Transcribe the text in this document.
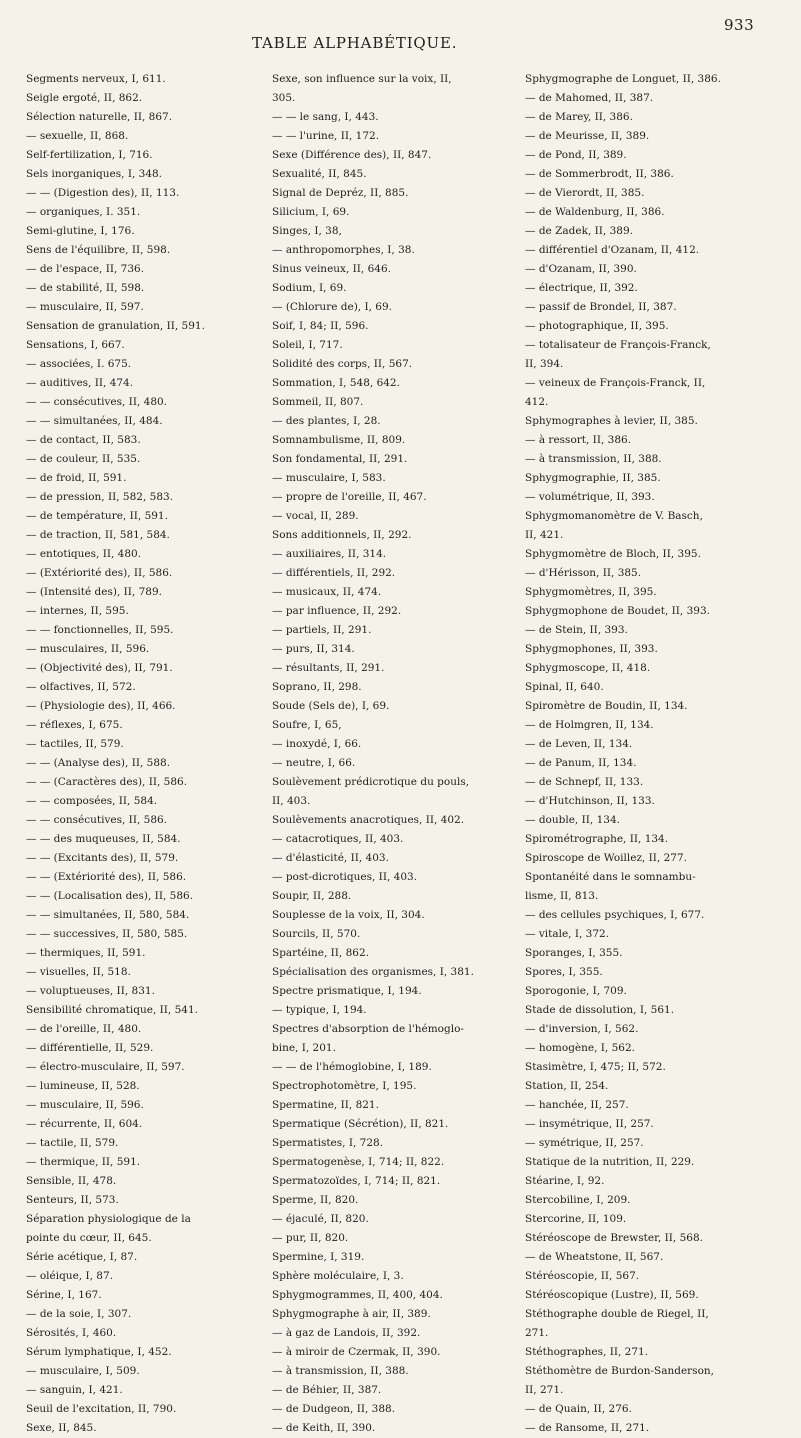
TABLE ALPHABÉTIQUE.
933
Segments nerveux, I, 611.
Seigle ergoté, II, 862.
Sélection naturelle, II, 867.
— sexuelle, II, 868.
Self-fertilization, I, 716.
Sels inorganiques, I, 348.
— — (Digestion des), II, 113.
— organiques, I. 351.
Semi-glutine, I, 176.
Sens de l'équilibre, II, 598.
— de l'espace, II, 736.
— de stabilité, II, 598.
— musculaire, II, 597.
Sensation de granulation, II, 591.
Sensations, I, 667.
— associées, I. 675.
— auditives, II, 474.
— — consécutives, II, 480.
— — simultanées, II, 484.
— de contact, II, 583.
— de couleur, II, 535.
— de froid, II, 591.
— de pression, II, 582, 583.
— de température, II, 591.
— de traction, II, 581, 584.
— entotiques, II, 480.
— (Extériorité des), II, 586.
— (Intensité des), II, 789.
— internes, II, 595.
— — fonctionnelles, II, 595.
— musculaires, II, 596.
— (Objectivité des), II, 791.
— olfactives, II, 572.
— (Physiologie des), II, 466.
— réflexes, I, 675.
— tactiles, II, 579.
— — (Analyse des), II, 588.
— — (Caractères des), II, 586.
— — composées, II, 584.
— — consécutives, II, 586.
— — des muqueuses, II, 584.
— — (Excitants des), II, 579.
— — (Extériorité des), II, 586.
— — (Localisation des), II, 586.
— — simultanées, II, 580, 584.
— — successives, II, 580, 585.
— thermiques, II, 591.
— visuelles, II, 518.
— voluptueuses, II, 831.
Sensibilité chromatique, II, 541.
— de l'oreille, II, 480.
— différentielle, II, 529.
— électro-musculaire, II, 597.
— lumineuse, II, 528.
— musculaire, II, 596.
— récurrente, II, 604.
— tactile, II, 579.
— thermique, II, 591.
Sensible, II, 478.
Senteurs, II, 573.
Séparation physiologique de la
pointe du cœur, II, 645.
Série acétique, I, 87.
— oléique, I, 87.
Sérine, I, 167.
— de la soie, I, 307.
Sérosités, I, 460.
Sérum lymphatique, I, 452.
— musculaire, I, 509.
— sanguin, I, 421.
Seuil de l'excitation, II, 790.
Sexe, II, 845.
Sexe, son influence sur la voix, II,
305.
— — le sang, I, 443.
— — l'urine, II, 172.
Sexe (Différence des), II, 847.
Sexualité, II, 845.
Signal de Depréz, II, 885.
Silicium, I, 69.
Singes, I, 38,
— anthropomorphes, I, 38.
Sinus veineux, II, 646.
Sodium, I, 69.
— (Chlorure de), I, 69.
Soif, I, 84; II, 596.
Soleil, I, 717.
Solidité des corps, II, 567.
Sommation, I, 548, 642.
Sommeil, II, 807.
— des plantes, I, 28.
Somnambulisme, II, 809.
Son fondamental, II, 291.
— musculaire, I, 583.
— propre de l'oreille, II, 467.
— vocal, II, 289.
Sons additionnels, II, 292.
— auxiliaires, II, 314.
— différentiels, II, 292.
— musicaux, II, 474.
— par influence, II, 292.
— partiels, II, 291.
— purs, II, 314.
— résultants, II, 291.
Soprano, II, 298.
Soude (Sels de), I, 69.
Soufre, I, 65,
— inoxydé, I, 66.
— neutre, I, 66.
Soulèvement prédicrotique du pouls,
II, 403.
Soulèvements anacrotiques, II, 402.
— catacrotiques, II, 403.
— d'élasticité, II, 403.
— post-dicrotiques, II, 403.
Soupir, II, 288.
Souplesse de la voix, II, 304.
Sourcils, II, 570.
Spartéine, II, 862.
Spécialisation des organismes, I, 381.
Spectre prismatique, I, 194.
— typique, I, 194.
Spectres d'absorption de l'hémoglo-
bine, I, 201.
— — de l'hémoglobine, I, 189.
Spectrophotomètre, I, 195.
Spermatine, II, 821.
Spermatique (Sécrétion), II, 821.
Spermatistes, I, 728.
Spermatogenèse, I, 714; II, 822.
Spermatozoïdes, I, 714; II, 821.
Sperme, II, 820.
— éjaculé, II, 820.
— pur, II, 820.
Spermine, I, 319.
Sphère moléculaire, I, 3.
Sphygmogrammes, II, 400, 404.
Sphygmographe à air, II, 389.
— à gaz de Landois, II, 392.
— à miroir de Czermak, II, 390.
— à transmission, II, 388.
— de Béhier, II, 387.
— de Dudgeon, II, 388.
— de Keith, II, 390.
Sphygmographe de Longuet, II, 386.
— de Mahomed, II, 387.
— de Marey, II, 386.
— de Meurisse, II, 389.
— de Pond, II, 389.
— de Sommerbrodt, II, 386.
— de Vierordt, II, 385.
— de Waldenburg, II, 386.
— de Zadek, II, 389.
— différentiel d'Ozanam, II, 412.
— d'Ozanam, II, 390.
— électrique, II, 392.
— passif de Brondel, II, 387.
— photographique, II, 395.
— totalisateur de François-Franck,
II, 394.
— veineux de François-Franck, II,
412.
Sphymographes à levier, II, 385.
— à ressort, II, 386.
— à transmission, II, 388.
Sphygmographie, II, 385.
— volumétrique, II, 393.
Sphygmomanomètre de V. Basch,
II, 421.
Sphygmomètre de Bloch, II, 395.
— d'Hérisson, II, 385.
Sphygmomètres, II, 395.
Sphygmophone de Boudet, II, 393.
— de Stein, II, 393.
Sphygmophones, II, 393.
Sphygmoscope, II, 418.
Spinal, II, 640.
Spiromètre de Boudin, II, 134.
— de Holmgren, II, 134.
— de Leven, II, 134.
— de Panum, II, 134.
— de Schnepf, II, 133.
— d'Hutchinson, II, 133.
— double, II, 134.
Spirométrographe, II, 134.
Spiroscope de Woillez, II, 277.
Spontanéité dans le somnambu-
lisme, II, 813.
— des cellules psychiques, I, 677.
— vitale, I, 372.
Sporanges, I, 355.
Spores, I, 355.
Sporogonie, I, 709.
Stade de dissolution, I, 561.
— d'inversion, I, 562.
— homogène, I, 562.
Stasimètre, I, 475; II, 572.
Station, II, 254.
— hanchée, II, 257.
— insymétrique, II, 257.
— symétrique, II, 257.
Statique de la nutrition, II, 229.
Stéarine, I, 92.
Stercobiline, I, 209.
Stercorine, II, 109.
Stéréoscope de Brewster, II, 568.
— de Wheatstone, II, 567.
Stéréoscopie, II, 567.
Stéréoscopique (Lustre), II, 569.
Stéthographe double de Riegel, II,
271.
Stéthographes, II, 271.
Stéthomètre de Burdon-Sanderson,
II, 271.
— de Quain, II, 276.
— de Ransome, II, 271.
